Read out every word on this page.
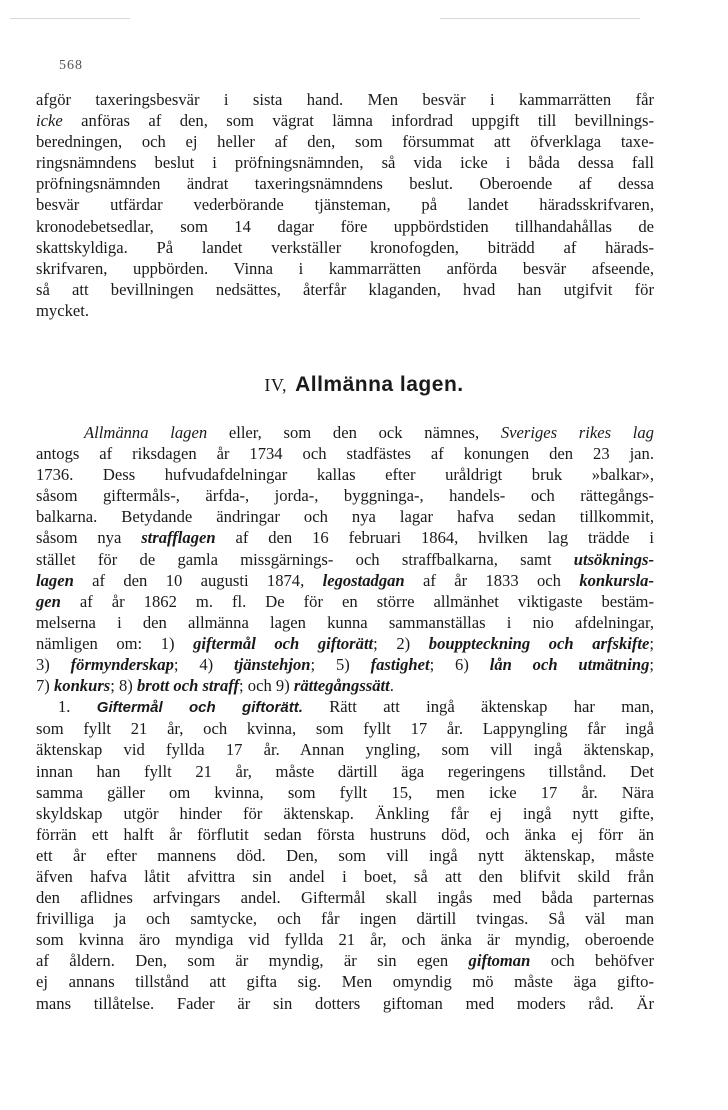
568
afgör taxeringsbesvär i sista hand. Men besvär i kammarrätten får
icke anföras af den, som vägrat lämna infordrad uppgift till bevillnings-
beredningen, och ej heller af den, som försummat att öfverklaga taxe-
ringsnämndens beslut i pröfningsnämnden, så vida icke i båda dessa fall
pröfningsnämnden ändrat taxeringsnämndens beslut. Oberoende af dessa
besvär utfärdar vederbörande tjänsteman, på landet häradsskrifvaren,
kronodebetsedlar, som 14 dagar före uppbördstiden tillhandahållas de
skattskyldiga. På landet verkställer kronofogden, biträdd af härads-
skrifvaren, uppbörden. Vinna i kammarrätten anförda besvär afseende,
så att bevillningen nedsättes, återfår klaganden, hvad han utgifvit för
mycket.
IV, Allmänna lagen.
Allmänna lagen eller, som den ock nämnes, Sveriges rikes lag
antogs af riksdagen år 1734 och stadfästes af konungen den 23 jan.
1736. Dess hufvudafdelningar kallas efter uråldrigt bruk »balkar»,
såsom giftermåls-, ärfda-, jorda-, byggninga-, handels- och rättegångs-
balkarna. Betydande ändringar och nya lagar hafva sedan tillkommit,
såsom nya strafflagen af den 16 februari 1864, hvilken lag trädde i
stället för de gamla missgärnings- och straffbalkarna, samt utsöknings-
lagen af den 10 augusti 1874, legostadgan af år 1833 och konkursla-
gen af år 1862 m. fl. De för en större allmänhet viktigaste bestäm-
melserna i den allmänna lagen kunna sammanställas i nio afdelningar,
nämligen om: 1) giftermål och giftorätt; 2) bouppteckning och arfskifte;
3) förmynderskap; 4) tjänstehjon; 5) fastighet; 6) lån och utmätning;
7) konkurs; 8) brott och straff; och 9) rättegångssätt.
1. Giftermål och giftorätt. Rätt att ingå äktenskap har man,
som fyllt 21 år, och kvinna, som fyllt 17 år. Lappyngling får ingå
äktenskap vid fyllda 17 år. Annan yngling, som vill ingå äktenskap,
innan han fyllt 21 år, måste därtill äga regeringens tillstånd. Det
samma gäller om kvinna, som fyllt 15, men icke 17 år. Nära
skyldskap utgör hinder för äktenskap. Änkling får ej ingå nytt gifte,
förrän ett halft år förflutit sedan första hustruns död, och änka ej förr än
ett år efter mannens död. Den, som vill ingå nytt äktenskap, måste
äfven hafva låtit afvittra sin andel i boet, så att den blifvit skild från
den aflidnes arfvingars andel. Giftermål skall ingås med båda parternas
frivilliga ja och samtycke, och får ingen därtill tvingas. Så väl man
som kvinna äro myndiga vid fyllda 21 år, och änka är myndig, oberoende
af åldern. Den, som är myndig, är sin egen giftoman och behöfver
ej annans tillstånd att gifta sig. Men omyndig mö måste äga gifto-
mans tillåtelse. Fader är sin dotters giftoman med moders råd. Är
